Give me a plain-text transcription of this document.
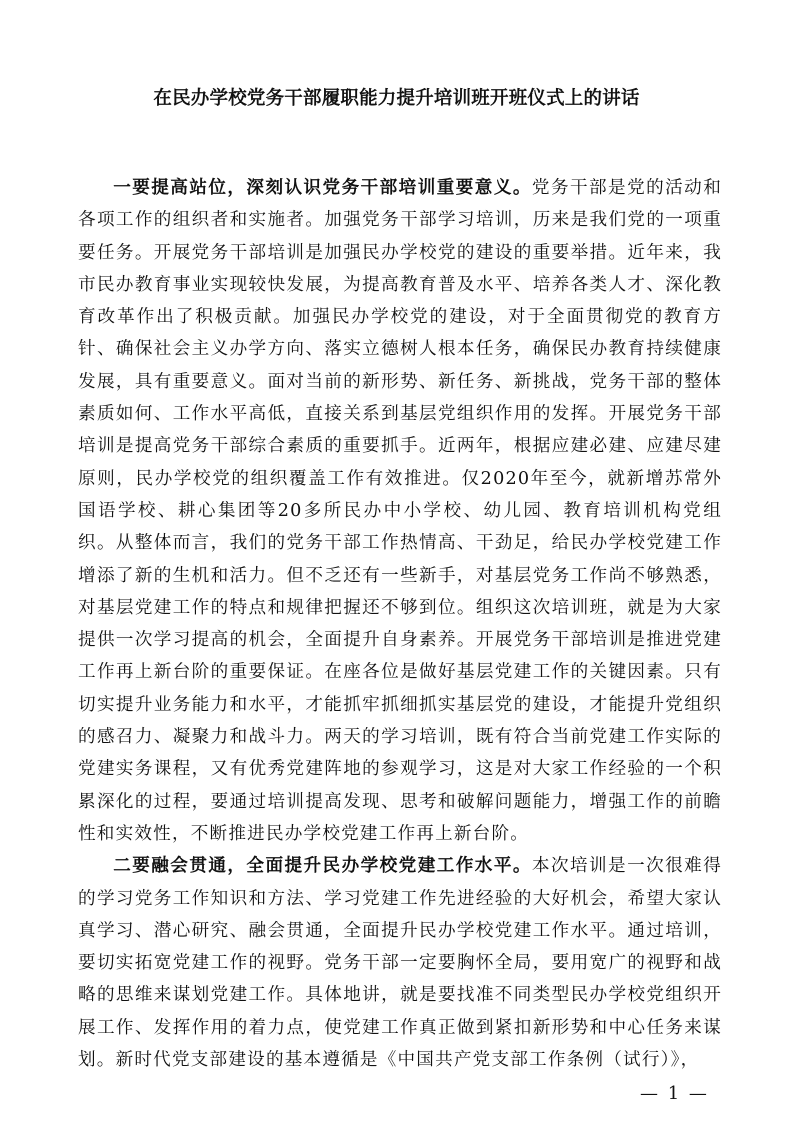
在民办学校党务干部履职能力提升培训班开班仪式上的讲话

一要提高站位，深刻认识党务干部培训重要意义。党务干部是党的活动和各项工作的组织者和实施者。加强党务干部学习培训，历来是我们党的一项重要任务。开展党务干部培训是加强民办学校党的建设的重要举措。近年来，我市民办教育事业实现较快发展，为提高教育普及水平、培养各类人才、深化教育改革作出了积极贡献。加强民办学校党的建设，对于全面贯彻党的教育方针、确保社会主义办学方向、落实立德树人根本任务，确保民办教育持续健康发展，具有重要意义。面对当前的新形势、新任务、新挑战，党务干部的整体素质如何、工作水平高低，直接关系到基层党组织作用的发挥。开展党务干部培训是提高党务干部综合素质的重要抓手。近两年，根据应建必建、应建尽建原则，民办学校党的组织覆盖工作有效推进。仅2020年至今，就新增苏常外国语学校、耕心集团等20多所民办中小学校、幼儿园、教育培训机构党组织。从整体而言，我们的党务干部工作热情高、干劲足，给民办学校党建工作增添了新的生机和活力。但不乏还有一些新手，对基层党务工作尚不够熟悉，对基层党建工作的特点和规律把握还不够到位。组织这次培训班，就是为大家提供一次学习提高的机会，全面提升自身素养。开展党务干部培训是推进党建工作再上新台阶的重要保证。在座各位是做好基层党建工作的关键因素。只有切实提升业务能力和水平，才能抓牢抓细抓实基层党的建设，才能提升党组织的感召力、凝聚力和战斗力。两天的学习培训，既有符合当前党建工作实际的党建实务课程，又有优秀党建阵地的参观学习，这是对大家工作经验的一个积累深化的过程，要通过培训提高发现、思考和破解问题能力，增强工作的前瞻性和实效性，不断推进民办学校党建工作再上新台阶。

二要融会贯通，全面提升民办学校党建工作水平。本次培训是一次很难得的学习党务工作知识和方法、学习党建工作先进经验的大好机会，希望大家认真学习、潜心研究、融会贯通，全面提升民办学校党建工作水平。通过培训，要切实拓宽党建工作的视野。党务干部一定要胸怀全局，要用宽广的视野和战略的思维来谋划党建工作。具体地讲，就是要找准不同类型民办学校党组织开展工作、发挥作用的着力点，使党建工作真正做到紧扣新形势和中心任务来谋划。新时代党支部建设的基本遵循是《中国共产党支部工作条例（试行）》，

— 1 —
